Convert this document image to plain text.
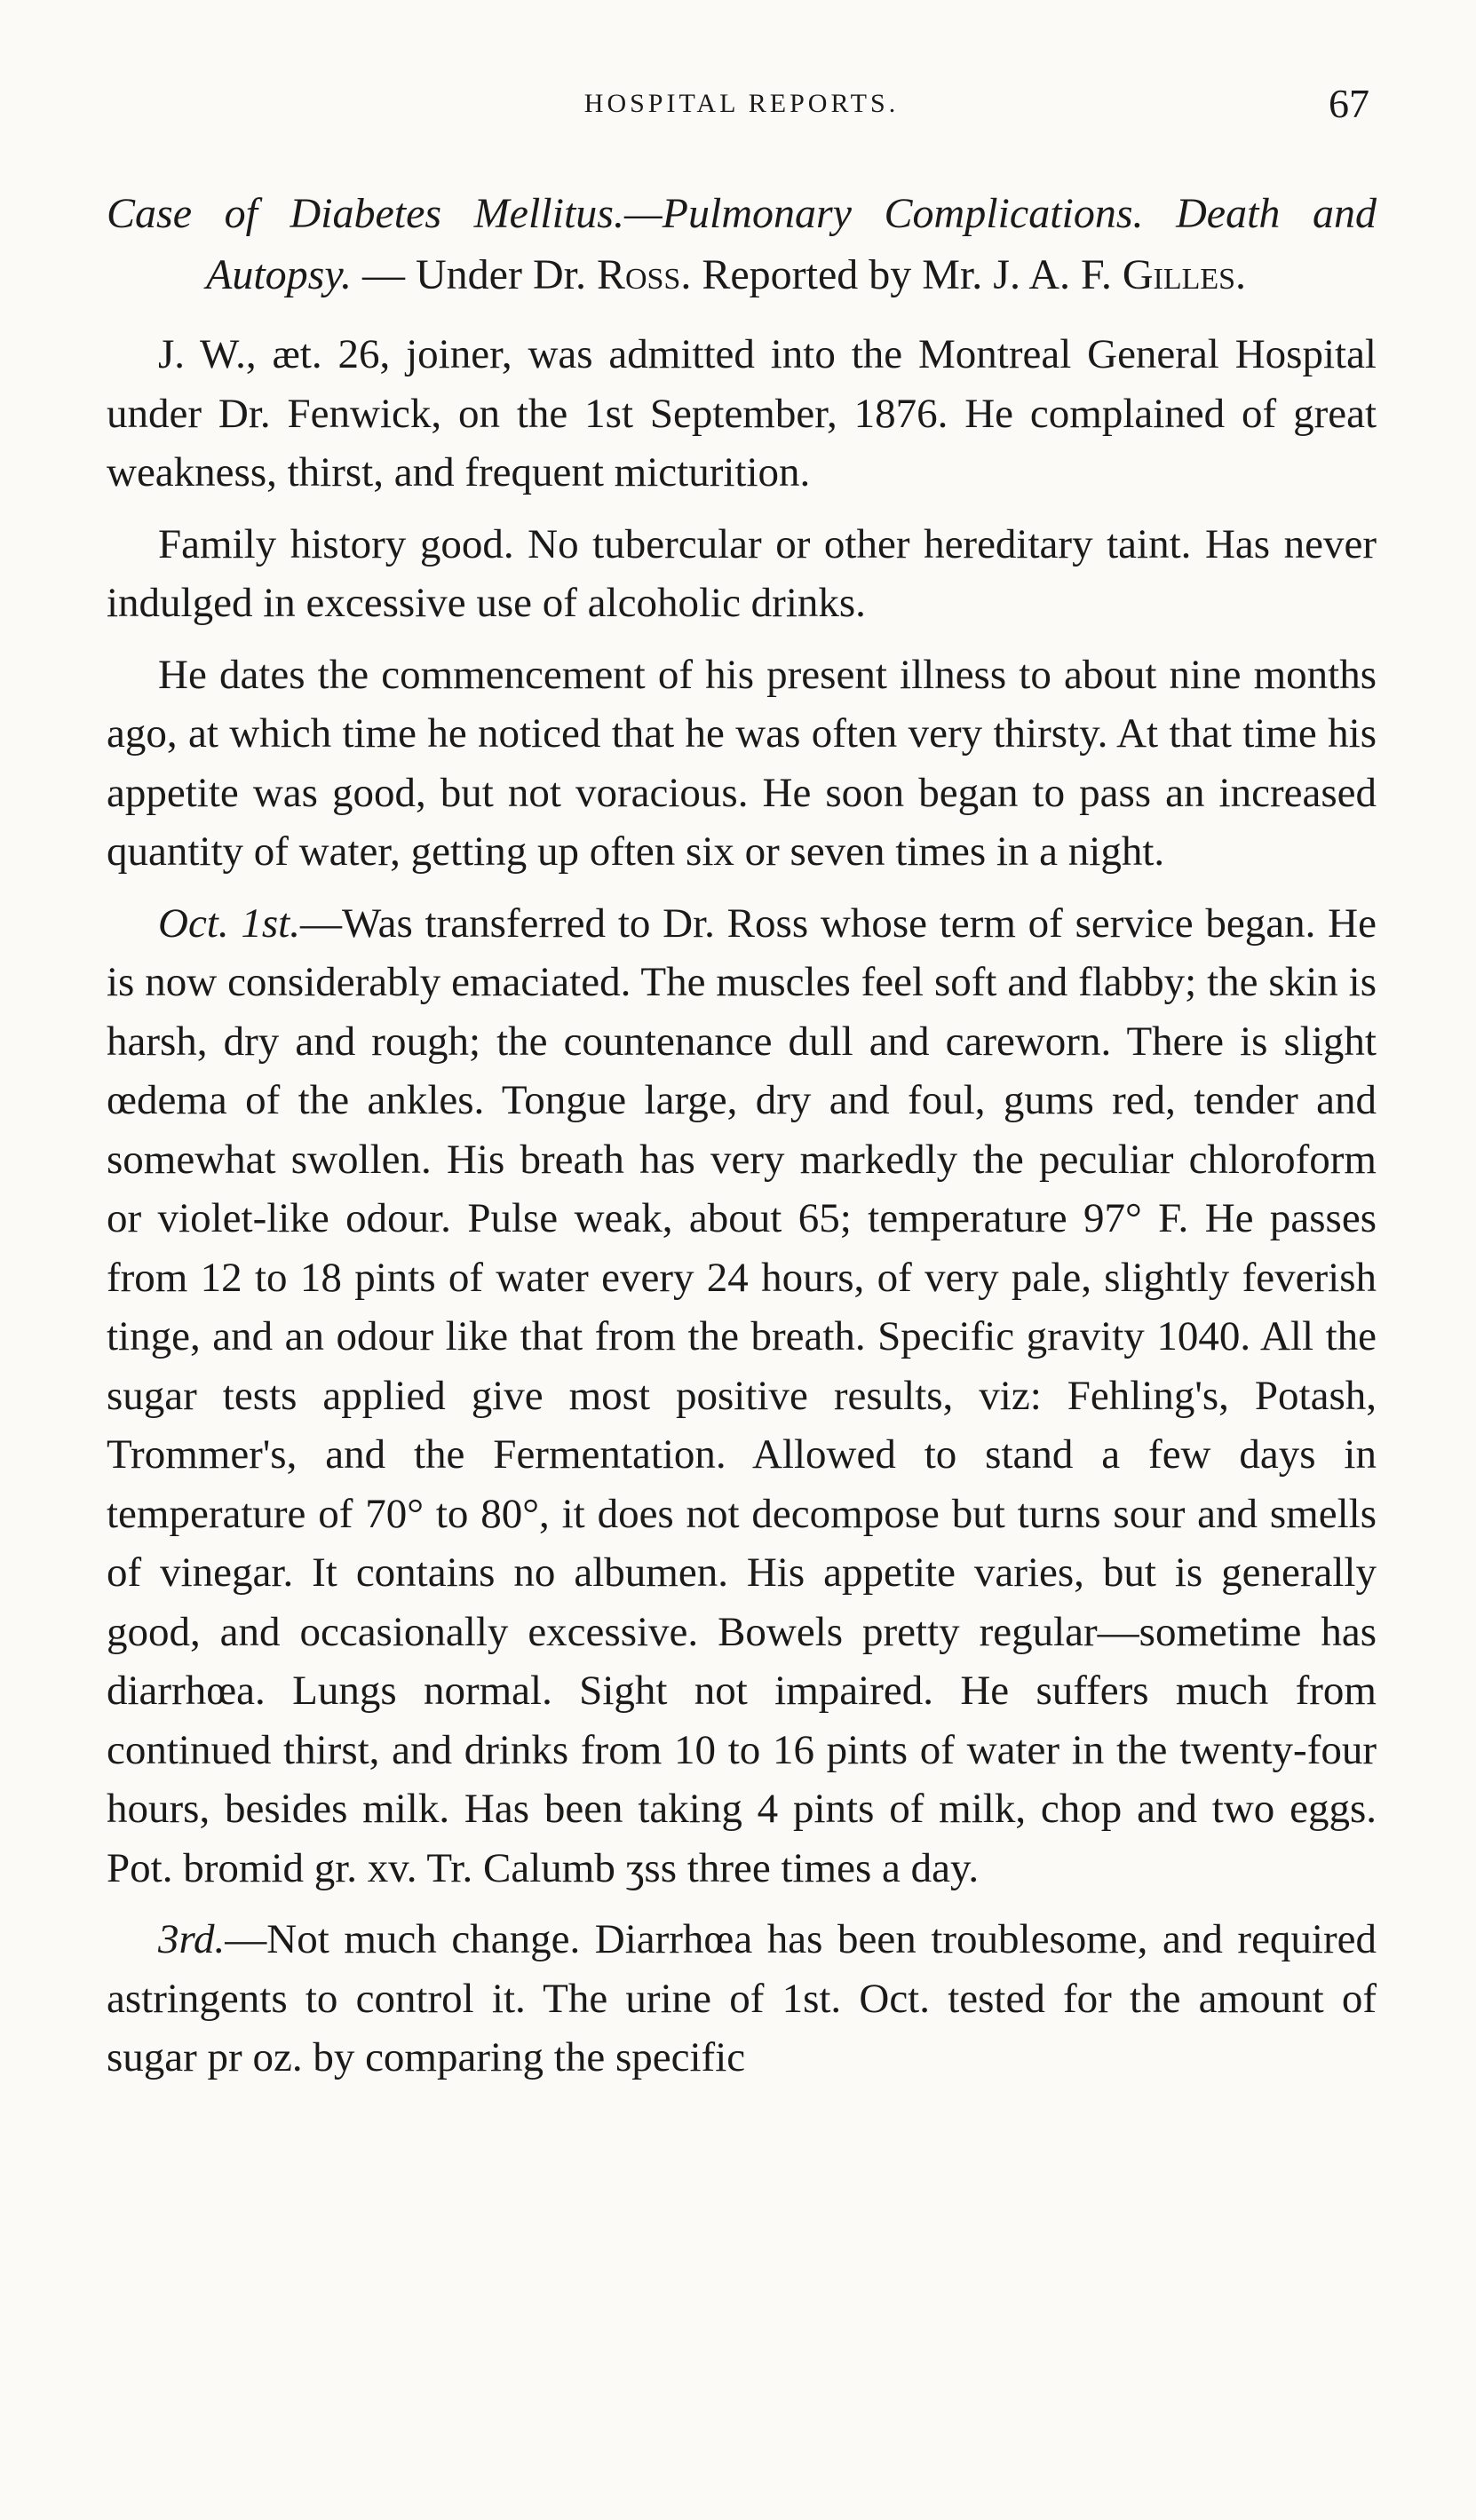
HOSPITAL REPORTS.	67

Case of Diabetes Mellitus.—Pulmonary Complications. Death and Autopsy. — Under Dr. Ross. Reported by Mr. J. A. F. Gilles.

J. W., æt. 26, joiner, was admitted into the Montreal General Hospital under Dr. Fenwick, on the 1st September, 1876. He complained of great weakness, thirst, and frequent micturition.

Family history good. No tubercular or other hereditary taint. Has never indulged in excessive use of alcoholic drinks.

He dates the commencement of his present illness to about nine months ago, at which time he noticed that he was often very thirsty. At that time his appetite was good, but not voracious. He soon began to pass an increased quantity of water, getting up often six or seven times in a night.

Oct. 1st.—Was transferred to Dr. Ross whose term of service began. He is now considerably emaciated. The muscles feel soft and flabby; the skin is harsh, dry and rough; the countenance dull and careworn. There is slight œdema of the ankles. Tongue large, dry and foul, gums red, tender and somewhat swollen. His breath has very markedly the peculiar chloroform or violet-like odour. Pulse weak, about 65; temperature 97° F. He passes from 12 to 18 pints of water every 24 hours, of very pale, slightly feverish tinge, and an odour like that from the breath. Specific gravity 1040. All the sugar tests applied give most positive results, viz: Fehling's, Potash, Trommer's, and the Fermentation. Allowed to stand a few days in temperature of 70° to 80°, it does not decompose but turns sour and smells of vinegar. It contains no albumen. His appetite varies, but is generally good, and occasionally excessive. Bowels pretty regular—sometime has diarrhœa. Lungs normal. Sight not impaired. He suffers much from continued thirst, and drinks from 10 to 16 pints of water in the twenty-four hours, besides milk. Has been taking 4 pints of milk, chop and two eggs. Pot. bromid gr. xv. Tr. Calumb ʒss three times a day.

3rd.—Not much change. Diarrhœa has been troublesome, and required astringents to control it. The urine of 1st. Oct. tested for the amount of sugar pr oz. by comparing the specific
